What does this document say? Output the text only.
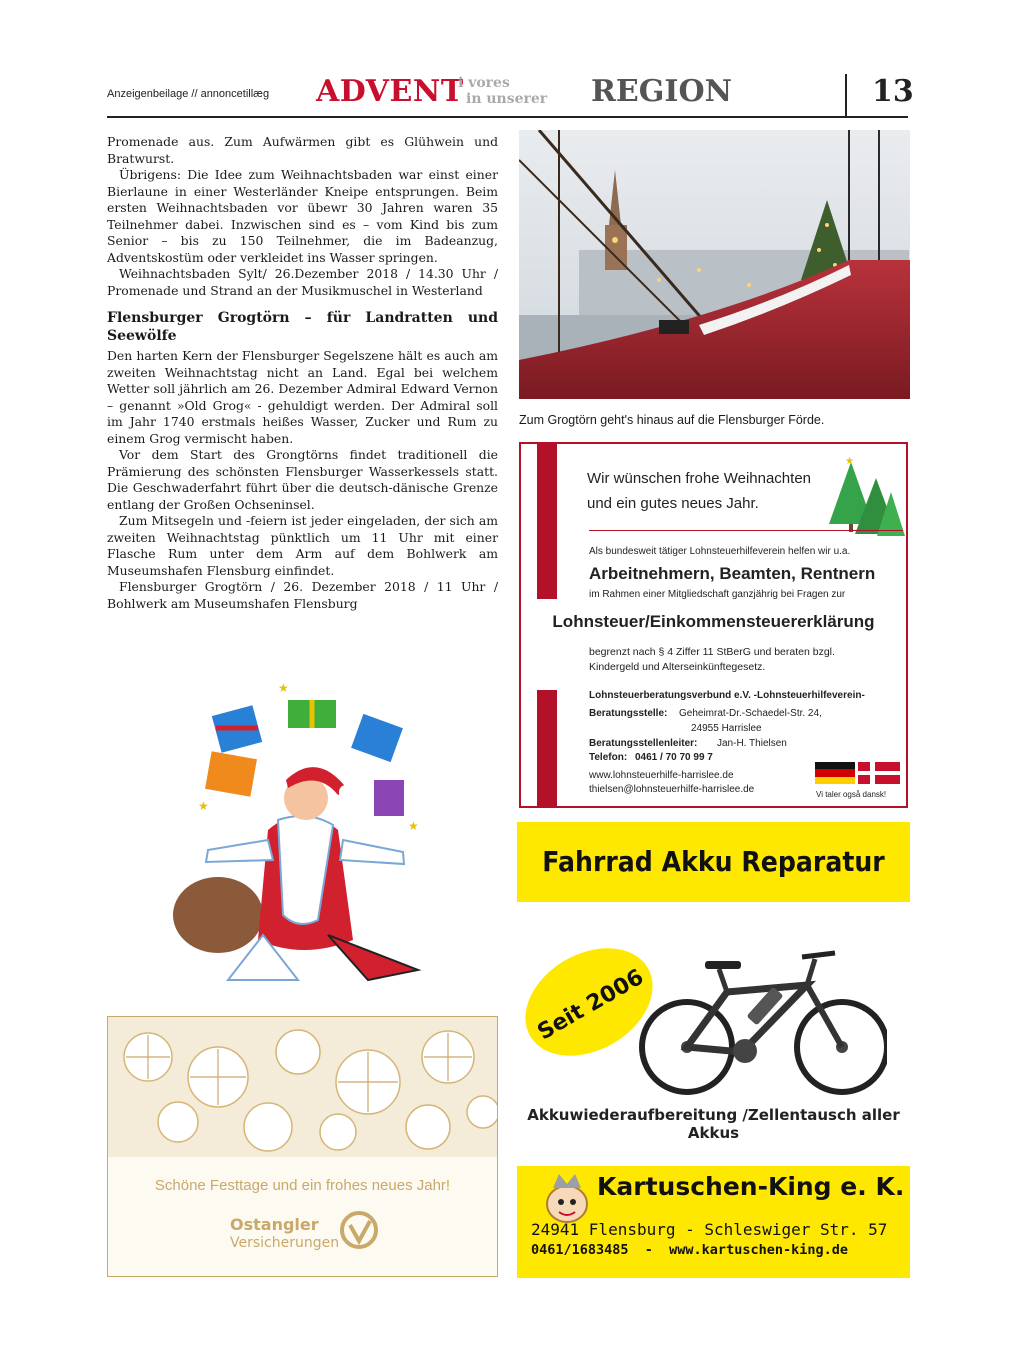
Anzeigenbeilage // annoncetillæg ADVENT
i vores
in unserer REGION	13

Promenade aus. Zum Aufwärmen gibt es Glühwein und Bratwurst.

Übrigens: Die Idee zum Weihnachtsbaden war einst einer Bierlaune in einer Westerländer Kneipe entsprungen. Beim ersten Weihnachtsbaden vor übewr 30 Jahren waren 35 Teilnehmer dabei. Inzwischen sind es – vom Kind bis zum Senior – bis zu 150 Teilnehmer, die im Badeanzug, Adventskostüm oder verkleidet ins Wasser springen.

Weihnachtsbaden Sylt/ 26.Dezember 2018 / 14.30 Uhr / Promenade und Strand an der Musikmuschel in Westerland

Flensburger Grogtörn – für Landratten und Seewölfe

Den harten Kern der Flensburger Segelszene hält es auch am zweiten Weihnachtstag nicht an Land. Egal bei welchem Wetter soll jährlich am 26. Dezember Admiral Edward Vernon – genannt »Old Grog« - gehuldigt werden. Der Admiral soll im Jahr 1740 erstmals heißes Wasser, Zucker und Rum zu einem Grog vermischt haben.

Vor dem Start des Grongtörns findet traditionell die Prämierung des schönsten Flensburger Wasserkessels statt. Die Geschwaderfahrt führt über die deutsch-dänische Grenze entlang der Großen Ochseninsel.

Zum Mitsegeln und -feiern ist jeder eingeladen, der sich am zweiten Weihnachtstag pünktlich um 11 Uhr mit einer Flasche Rum unter dem Arm auf dem Bohlwerk am Museumshafen Flensburg einfindet.

Flensburger Grogtörn / 26. Dezember 2018 / 11 Uhr / Bohlwerk am Museumshafen Flensburg

Zum Grogtörn geht's hinaus auf die Flensburger Förde.
Wir wünschen frohe Weihnachten
und ein gutes neues Jahr.
★
Als bundesweit tätiger Lohnsteuerhilfeverein helfen wir u.a.
Arbeitnehmern, Beamten, Rentnern
im Rahmen einer Mitgliedschaft ganzjährig bei Fragen zur
Lohnsteuer/Einkommensteuererklärung
begrenzt nach § 4 Ziffer 11 StBerG und beraten bzgl.
Kindergeld und Alterseinkünftegesetz.
Lohnsteuerberatungsverbund e.V. -Lohnsteuerhilfeverein-
Beratungsstelle: Geheimrat-Dr.-Schaedel-Str. 24,
24955 Harrislee
Beratungsstellenleiter: Jan-H. Thielsen
Telefon: 0461 / 70 70 99 7
www.lohnsteuerhilfe-harrislee.de
thielsen@lohnsteuerhilfe-harrislee.de	Vi taler også dansk!
★
★
★
Schöne Festtage und ein frohes neues Jahr!
Ostangler
Versicherungen
Fahrrad Akku Reparatur
Seit 2006
Akkuwiederaufbereitung /Zellentausch aller Akkus
Kartuschen-King e. K.
24941 Flensburg - Schleswiger Str. 57
0461/1683485  -  www.kartuschen-king.de
